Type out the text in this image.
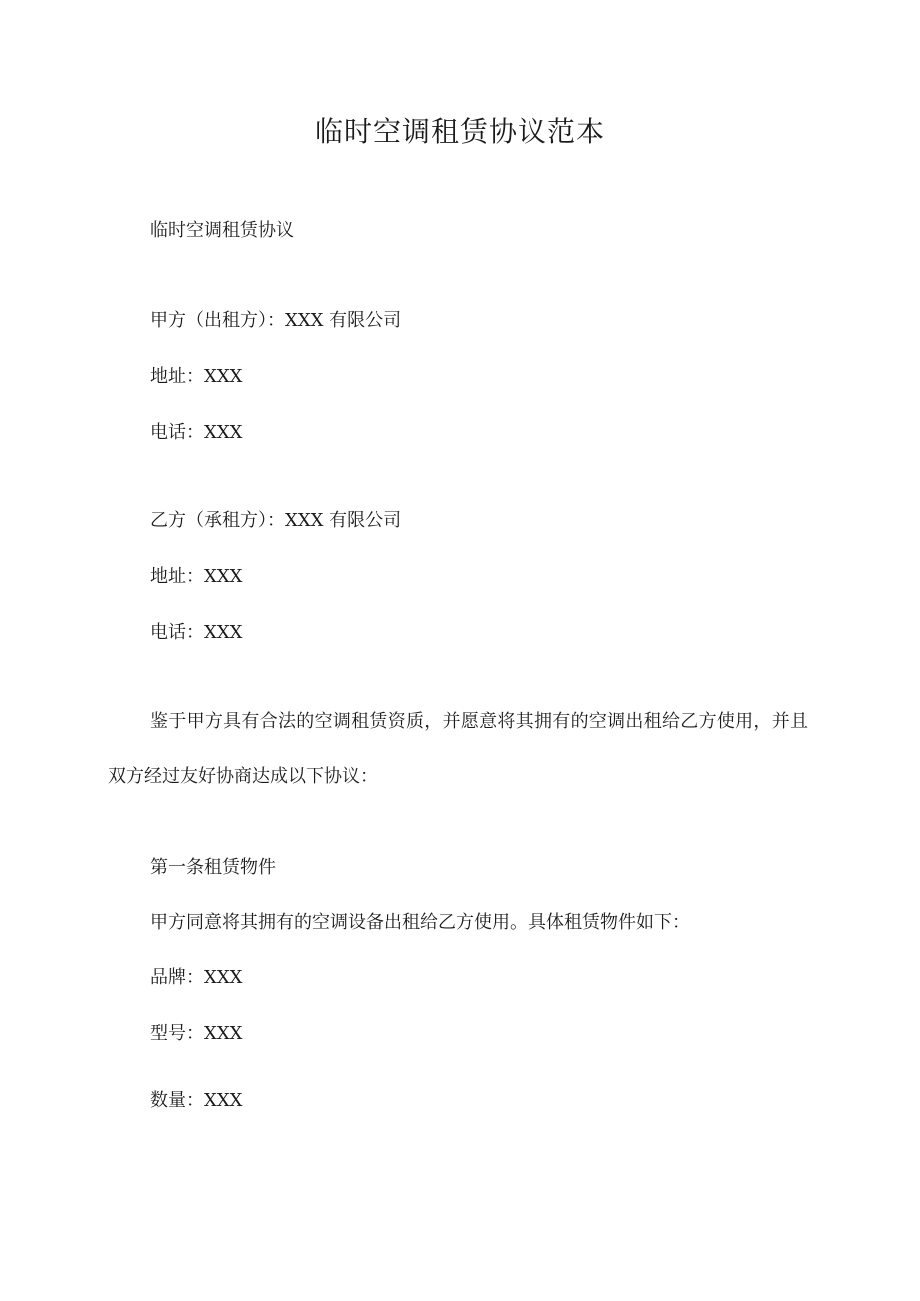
临时空调租赁协议范本
临时空调租赁协议
甲方（出租方）：XXX 有限公司
地址：XXX
电话：XXX
乙方（承租方）：XXX 有限公司
地址：XXX
电话：XXX
鉴于甲方具有合法的空调租赁资质，并愿意将其拥有的空调出租给乙方使用，并且双方经过友好协商达成以下协议：
第一条租赁物件
甲方同意将其拥有的空调设备出租给乙方使用。具体租赁物件如下：
品牌：XXX
型号：XXX
数量：XXX
